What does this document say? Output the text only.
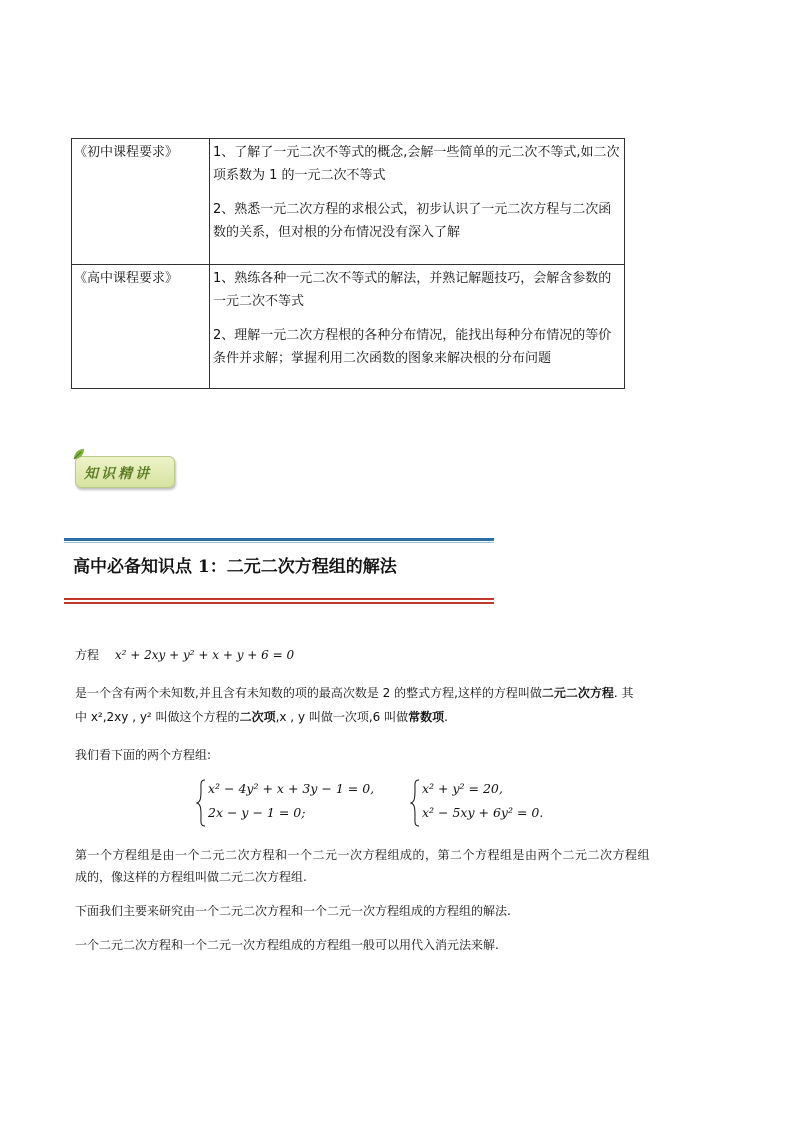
《初中课程要求》	1、了解了一元二次不等式的概念,会解一些简单的元二次不等式,如二次项系数为 1 的一元二次不等式

2、熟悉一元二次方程的求根公式，初步认识了一元二次方程与二次函数的关系，但对根的分布情况没有深入了解

《高中课程要求》	1、熟练各种一元二次不等式的解法，并熟记解题技巧，会解含参数的一元二次不等式

2、理解一元二次方程根的各种分布情况，能找出每种分布情况的等价条件并求解；掌握利用二次函数的图象来解决根的分布问题

知识精讲
高中必备知识点 1：二元二次方程组的解法
方程 x² + 2xy + y² + x + y + 6 = 0
是一个含有两个未知数,并且含有未知数的项的最高次数是 2 的整式方程,这样的方程叫做二元二次方程. 其
中 x²,2xy , y² 叫做这个方程的二次项,x , y 叫做一次项,6 叫做常数项.
我们看下面的两个方程组:
x² − 4y² + x + 3y − 1 = 0,
2x − y − 1 = 0;
x² + y² = 20,
x² − 5xy + 6y² = 0.
第一个方程组是由一个二元二次方程和一个二元一次方程组成的，第二个方程组是由两个二元二次方程组
成的，像这样的方程组叫做二元二次方程组.
下面我们主要来研究由一个二元二次方程和一个二元一次方程组成的方程组的解法.
一个二元二次方程和一个二元一次方程组成的方程组一般可以用代入消元法来解.
